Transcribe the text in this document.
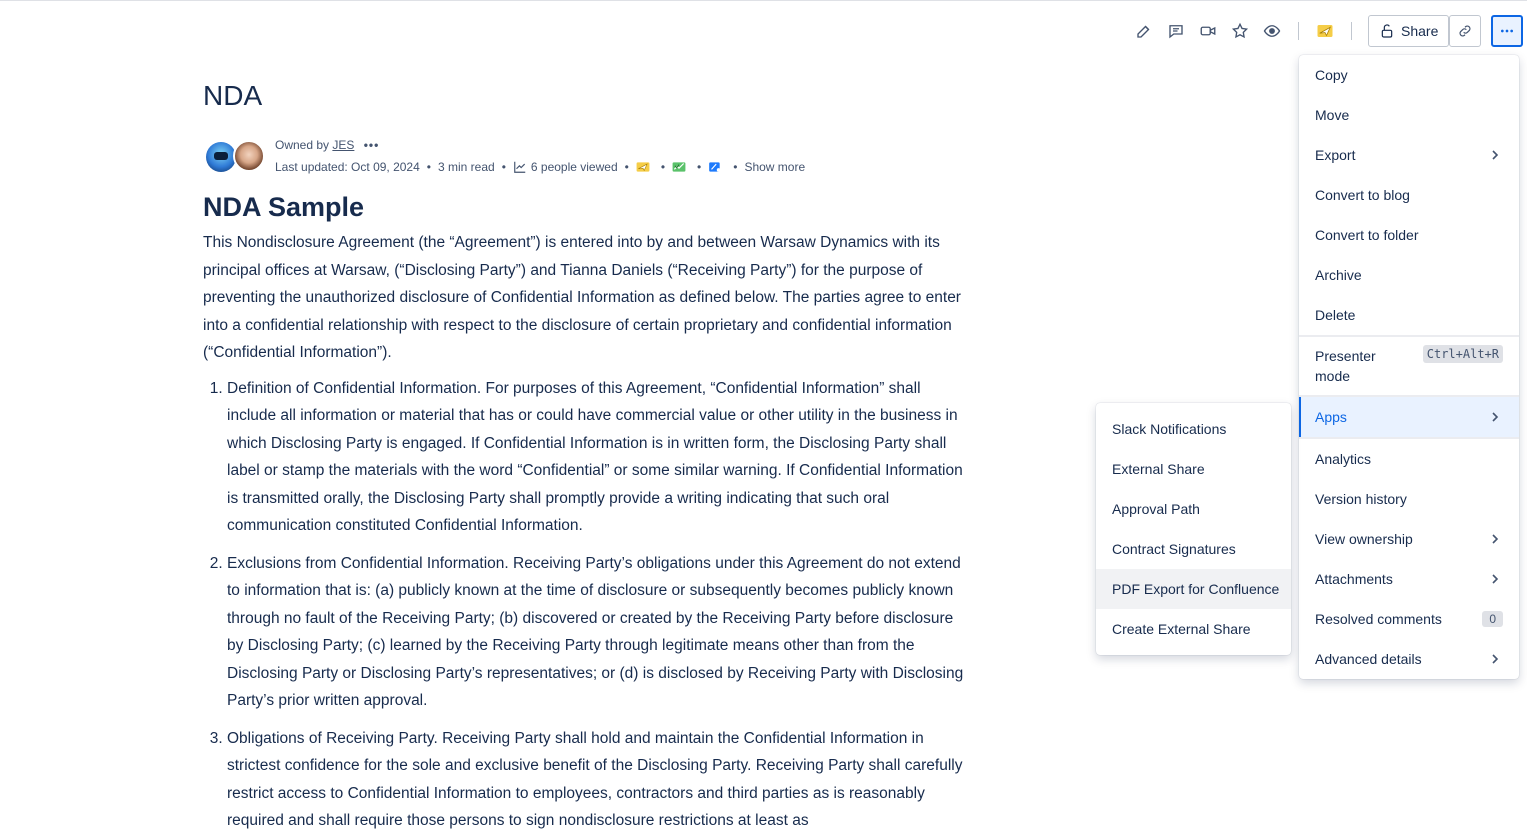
Share
NDA
Owned by JES •••
Last updated: Oct 09, 2024 • 3 min read • 6 people viewed •	•	•	• Show more
NDA Sample

This Nondisclosure Agreement (the “Agreement”) is entered into by and between Warsaw Dynamics with its principal offices at Warsaw, (“Disclosing Party”) and Tianna Daniels (“Receiving Party”) for the purpose of preventing the unauthorized disclosure of Confidential Information as defined below. The parties agree to enter into a confidential relationship with respect to the disclosure of certain proprietary and confidential information (“Confidential Information”).

1. Definition of Confidential Information. For purposes of this Agreement, “Confidential Information” shall include all information or material that has or could have commercial value or other utility in the business in which Disclosing Party is engaged. If Confidential Information is in written form, the Disclosing Party shall label or stamp the materials with the word “Confidential” or some similar warning. If Confidential Information is transmitted orally, the Disclosing Party shall promptly provide a writing indicating that such oral communication constituted Confidential Information.
2. Exclusions from Confidential Information. Receiving Party’s obligations under this Agreement do not extend to information that is: (a) publicly known at the time of disclosure or subsequently becomes publicly known through no fault of the Receiving Party; (b) discovered or created by the Receiving Party before disclosure by Disclosing Party; (c) learned by the Receiving Party through legitimate means other than from the Disclosing Party or Disclosing Party’s representatives; or (d) is disclosed by Receiving Party with Disclosing Party’s prior written approval.
3. Obligations of Receiving Party. Receiving Party shall hold and maintain the Confidential Information in strictest confidence for the sole and exclusive benefit of the Disclosing Party. Receiving Party shall carefully restrict access to Confidential Information to employees, contractors and third parties as is reasonably required and shall require those persons to sign nondisclosure restrictions at least as
Copy
Move
Export
Convert to blog
Convert to folder
Archive
Delete
Presenter mode
Ctrl+Alt+R
Apps
Analytics
Version history
View ownership
Attachments
Resolved comments	0
Advanced details
Slack Notifications
External Share
Approval Path
Contract Signatures
PDF Export for Confluence
Create External Share
